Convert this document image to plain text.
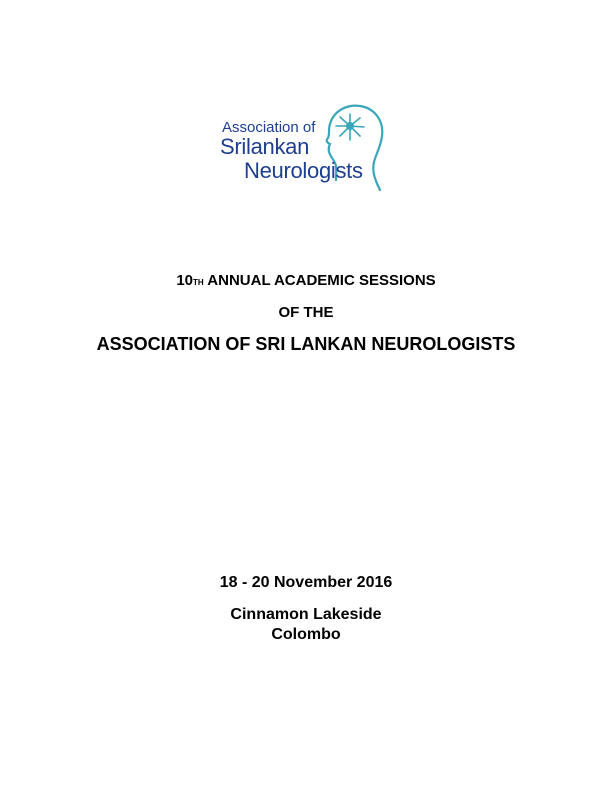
Association of
Srilankan
Neurologists
10TH ANNUAL ACADEMIC SESSIONS
OF THE
ASSOCIATION OF SRI LANKAN NEUROLOGISTS
18 - 20 November 2016
Cinnamon Lakeside
Colombo
